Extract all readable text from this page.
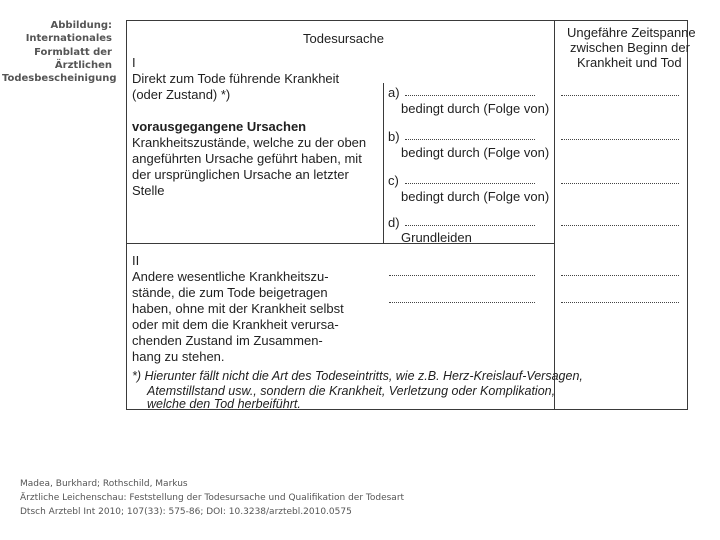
Abbildung:
Internationales
Formblatt der
Ärztlichen
Todesbescheinigung
Todesursache	Ungefähre Zeitspanne
zwischen Beginn der
Krankheit und Tod
I
Direkt zum Tode führende Krankheit
(oder Zustand) *)
vorausgegangene Ursachen
Krankheitszustände, welche zu der oben
angeführten Ursache geführt haben, mit
der ursprünglichen Ursache an letzter
Stelle
a)
bedingt durch (Folge von)
b)
bedingt durch (Folge von)
c)
bedingt durch (Folge von)
d)
Grundleiden
II
Andere wesentliche Krankheitszu-
stände, die zum Tode beigetragen
haben, ohne mit der Krankheit selbst
oder mit dem die Krankheit verursa-
chenden Zustand im Zusammen-
hang zu stehen.
*) Hierunter fällt nicht die Art des Todeseintritts, wie z.B. Herz-Kreislauf-Versagen,
Atemstillstand usw., sondern die Krankheit, Verletzung oder Komplikation,
welche den Tod herbeiführt.
Madea, Burkhard; Rothschild, Markus
Ärztliche Leichenschau: Feststellung der Todesursache und Qualifikation der Todesart
Dtsch Arztebl Int 2010; 107(33): 575-86; DOI: 10.3238/arztebl.2010.0575
